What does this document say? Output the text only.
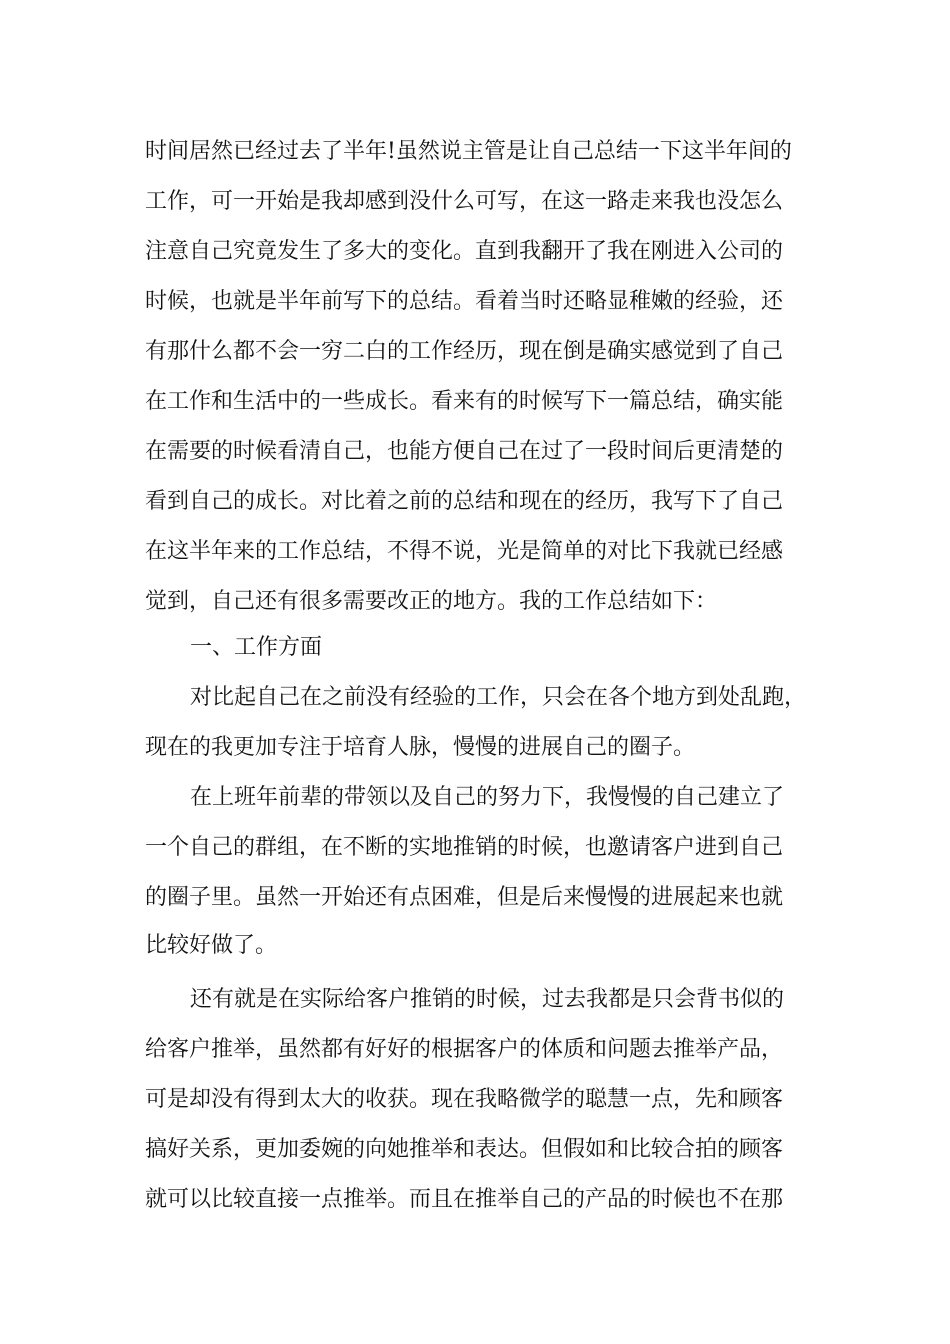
时间居然已经过去了半年!虽然说主管是让自己总结一下这半年间的
工作，可一开始是我却感到没什么可写，在这一路走来我也没怎么
注意自己究竟发生了多大的变化。直到我翻开了我在刚进入公司的
时候，也就是半年前写下的总结。看着当时还略显稚嫩的经验，还
有那什么都不会一穷二白的工作经历，现在倒是确实感觉到了自己
在工作和生活中的一些成长。看来有的时候写下一篇总结，确实能
在需要的时候看清自己，也能方便自己在过了一段时间后更清楚的
看到自己的成长。对比着之前的总结和现在的经历，我写下了自己
在这半年来的工作总结，不得不说，光是简单的对比下我就已经感
觉到，自己还有很多需要改正的地方。我的工作总结如下：
一、工作方面
对比起自己在之前没有经验的工作，只会在各个地方到处乱跑，
现在的我更加专注于培育人脉，慢慢的进展自己的圈子。
在上班年前辈的带领以及自己的努力下，我慢慢的自己建立了
一个自己的群组，在不断的实地推销的时候，也邀请客户进到自己
的圈子里。虽然一开始还有点困难，但是后来慢慢的进展起来也就
比较好做了。
还有就是在实际给客户推销的时候，过去我都是只会背书似的
给客户推举，虽然都有好好的根据客户的体质和问题去推举产品，
可是却没有得到太大的收获。现在我略微学的聪慧一点，先和顾客
搞好关系，更加委婉的向她推举和表达。但假如和比较合拍的顾客
就可以比较直接一点推举。而且在推举自己的产品的时候也不在那
